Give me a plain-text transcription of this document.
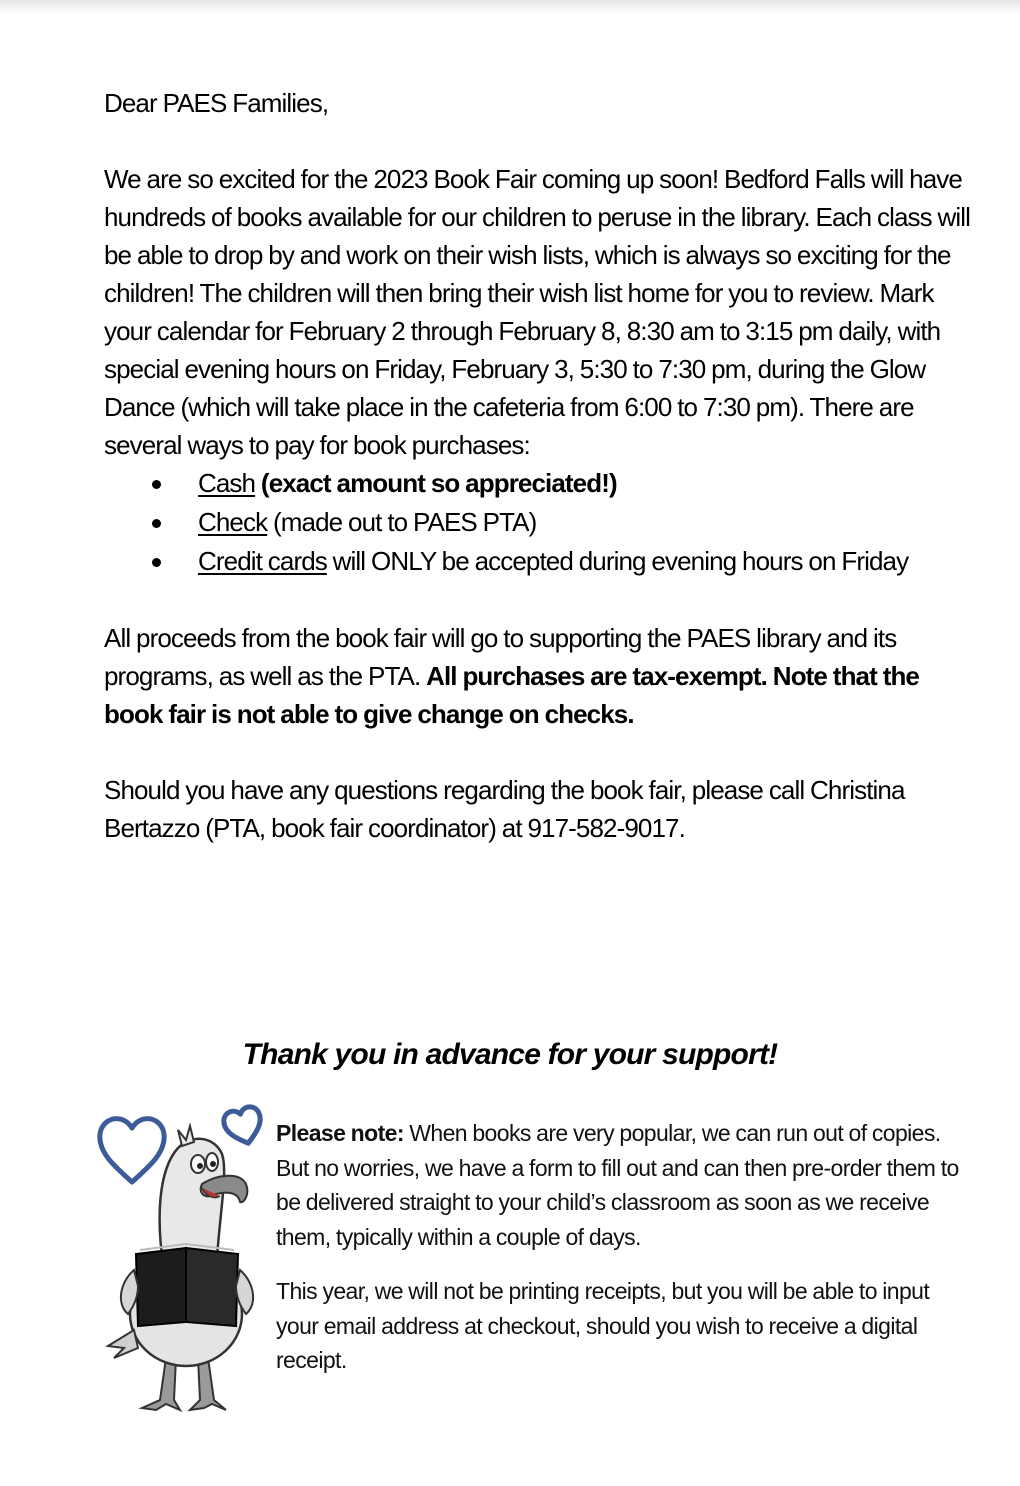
Dear PAES Families,

We are so excited for the 2023 Book Fair coming up soon! Bedford Falls will have hundreds of books available for our children to peruse in the library. Each class will be able to drop by and work on their wish lists, which is always so exciting for the children! The children will then bring their wish list home for you to review. Mark your calendar for February 2 through February 8, 8:30 am to 3:15 pm daily, with special evening hours on Friday, February 3, 5:30 to 7:30 pm, during the Glow Dance (which will take place in the cafeteria from 6:00 to 7:30 pm). There are several ways to pay for book purchases:

Cash (exact amount so appreciated!)
Check (made out to PAES PTA)
Credit cards will ONLY be accepted during evening hours on Friday

All proceeds from the book fair will go to supporting the PAES library and its programs, as well as the PTA. All purchases are tax-exempt. Note that the book fair is not able to give change on checks.

Should you have any questions regarding the book fair, please call Christina Bertazzo (PTA, book fair coordinator) at 917-582-9017.

Thank you in advance for your support!

Please note: When books are very popular, we can run out of copies. But no worries, we have a form to fill out and can then pre-order them to be delivered straight to your child’s classroom as soon as we receive them, typically within a couple of days.

This year, we will not be printing receipts, but you will be able to input your email address at checkout, should you wish to receive a digital receipt.
